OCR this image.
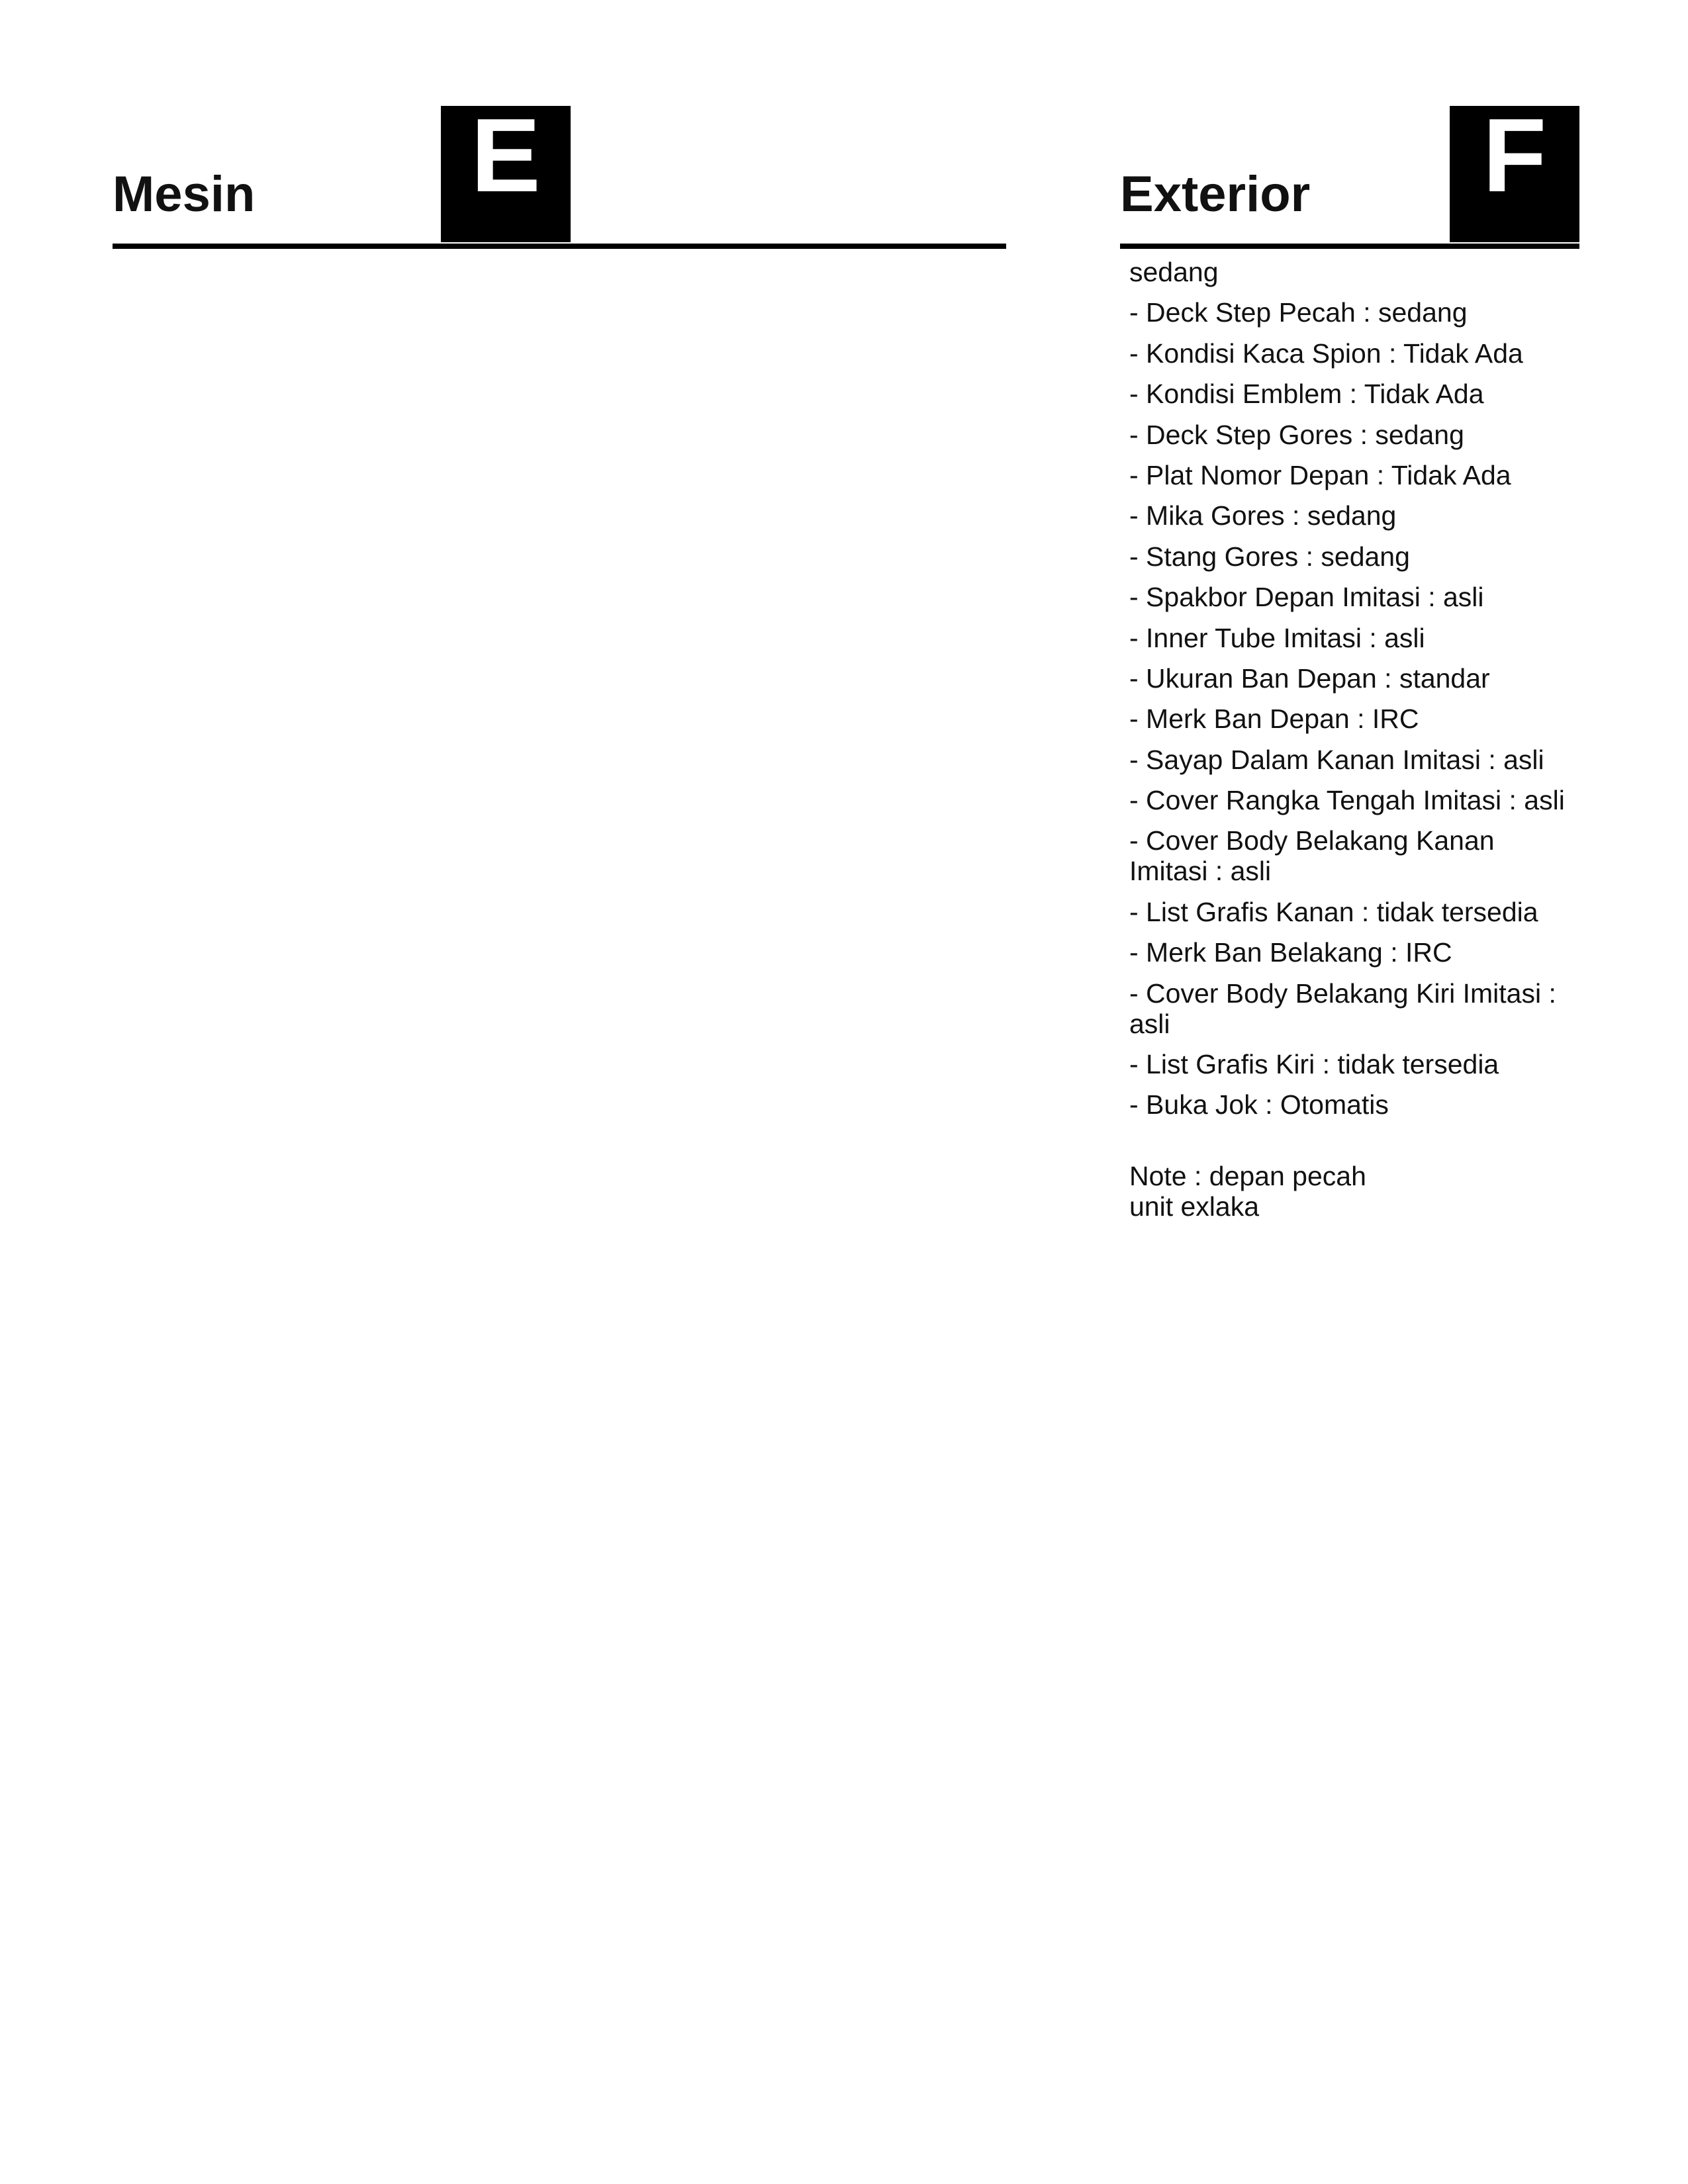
Mesin E	Exterior	F
sedang
- Deck Step Pecah : sedang
- Kondisi Kaca Spion : Tidak Ada
- Kondisi Emblem : Tidak Ada
- Deck Step Gores : sedang
- Plat Nomor Depan : Tidak Ada
- Mika Gores : sedang
- Stang Gores : sedang
- Spakbor Depan Imitasi : asli
- Inner Tube Imitasi : asli
- Ukuran Ban Depan : standar
- Merk Ban Depan : IRC
- Sayap Dalam Kanan Imitasi : asli
- Cover Rangka Tengah Imitasi : asli
- Cover Body Belakang Kanan Imitasi : asli
- List Grafis Kanan : tidak tersedia
- Merk Ban Belakang : IRC
- Cover Body Belakang Kiri Imitasi : asli
- List Grafis Kiri : tidak tersedia
- Buka Jok : Otomatis
Note : depan pecah
unit exlaka
